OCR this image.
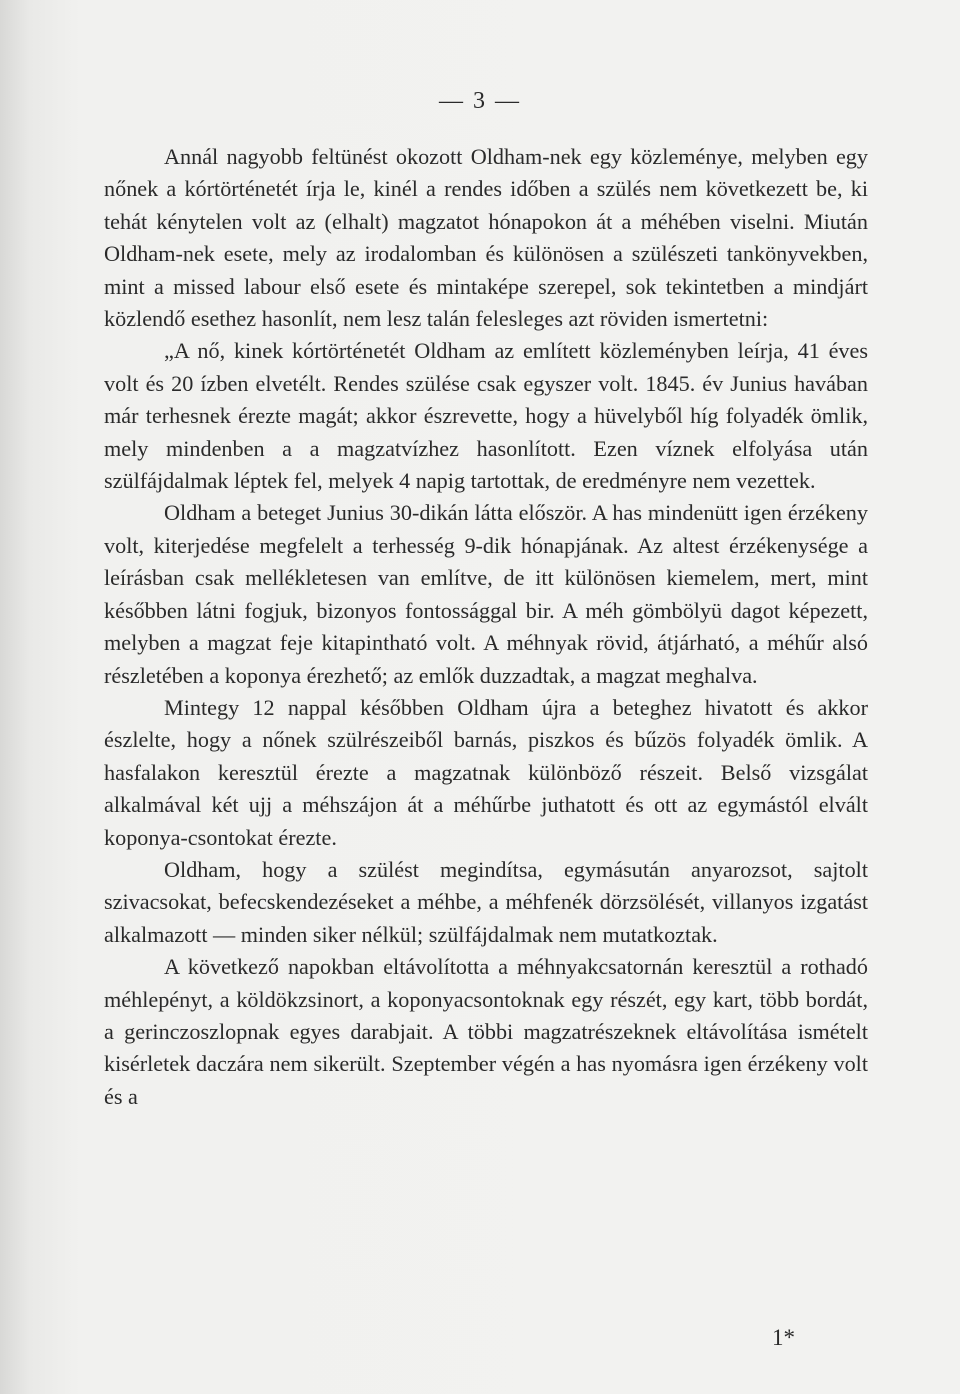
— 3 —

Annál nagyobb feltünést okozott Oldham-nek egy közleménye, melyben egy nőnek a kórtörténetét írja le, kinél a rendes időben a szülés nem következett be, ki tehát kénytelen volt az (elhalt) magzatot hónapokon át a méhében viselni. Miután Oldham-nek esete, mely az irodalomban és különösen a szülészeti tankönyvekben, mint a missed labour első esete és mintaképe szerepel, sok tekintetben a mindjárt közlendő esethez hasonlít, nem lesz talán felesleges azt röviden ismertetni:

„A nő, kinek kórtörténetét Oldham az említett közleményben leírja, 41 éves volt és 20 ízben elvetélt. Rendes szülése csak egyszer volt. 1845. év Junius havában már terhesnek érezte magát; akkor észrevette, hogy a hüvelyből híg folyadék ömlik, mely mindenben a a magzatvízhez hasonlított. Ezen víznek elfolyása után szülfájdalmak léptek fel, melyek 4 napig tartottak, de eredményre nem vezettek.

Oldham a beteget Junius 30-dikán látta először. A has mindenütt igen érzékeny volt, kiterjedése megfelelt a terhesség 9-dik hónapjának. Az altest érzékenysége a leírásban csak mellékletesen van említve, de itt különösen kiemelem, mert, mint későbben látni fogjuk, bizonyos fontossággal bir. A méh gömbölyü dagot képezett, melyben a magzat feje kitapintható volt. A méhnyak rövid, átjárható, a méhűr alsó részletében a koponya érezhető; az emlők duzzadtak, a magzat meghalva.

Mintegy 12 nappal későbben Oldham újra a beteghez hivatott és akkor észlelte, hogy a nőnek szülrészeiből barnás, piszkos és bűzös folyadék ömlik. A hasfalakon keresztül érezte a magzatnak különböző részeit. Belső vizsgálat alkalmával két ujj a méhszájon át a méhűrbe juthatott és ott az egymástól elvált koponya-csontokat érezte.

Oldham, hogy a szülést megindítsa, egymásután anyarozsot, sajtolt szivacsokat, befecskendezéseket a méhbe, a méhfenék dörzsölését, villanyos izgatást alkalmazott — minden siker nélkül; szülfájdalmak nem mutatkoztak.

A következő napokban eltávolította a méhnyakcsatornán keresztül a rothadó méhlepényt, a köldökzsinort, a koponyacsontoknak egy részét, egy kart, több bordát, a gerinczoszlopnak egyes darabjait. A többi magzatrészeknek eltávolítása ismételt kisérletek daczára nem sikerült. Szeptember végén a has nyomásra igen érzékeny volt és a

1*
